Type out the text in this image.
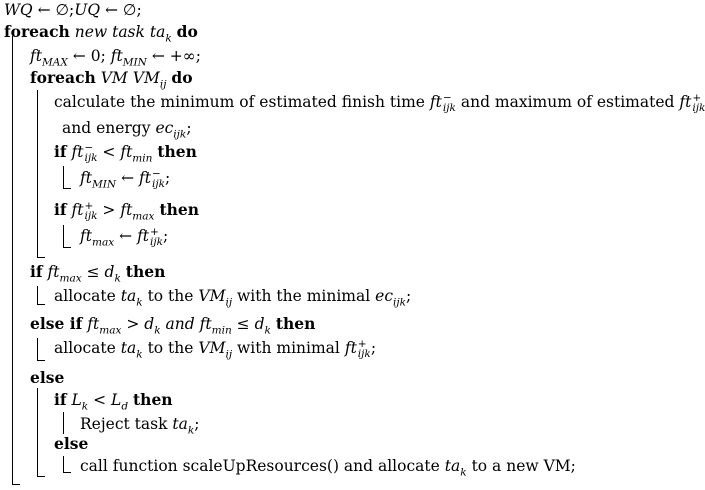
WQ ← ∅;UQ ← ∅;
foreach new task $ta_k$ do
$ft_{MAX}$ ← 0; $ft_{MIN}$ ← +∞;
foreach VM $VM_{ij}$ do
calculate the minimum of estimated finish time ft −
ijk and maximum of estimated ft +
ijk
and energy $ec_{ijk}$;
if ft −
ijk < $ft_{min}$ then
$ft_{MIN}$ ← ft −
ijk ;
if ft +
ijk > $ft_{max}$ then
$ft_{max}$ ← ft +
ijk ;
if $ft_{max} \le d_k$ then
allocate $ta_k$ to the $VM_{ij}$ with the minimal $ec_{ijk}$;
else if $ft_{max} > d_k$ and $ft_{min} \le d_k$ then
allocate $ta_k$ to the $VM_{ij}$ with minimal ft +
ijk ;
else
if $L_k < L_d$ then
Reject task $ta_k$;
else
call function scaleUpResources() and allocate $ta_k$ to a new VM;
